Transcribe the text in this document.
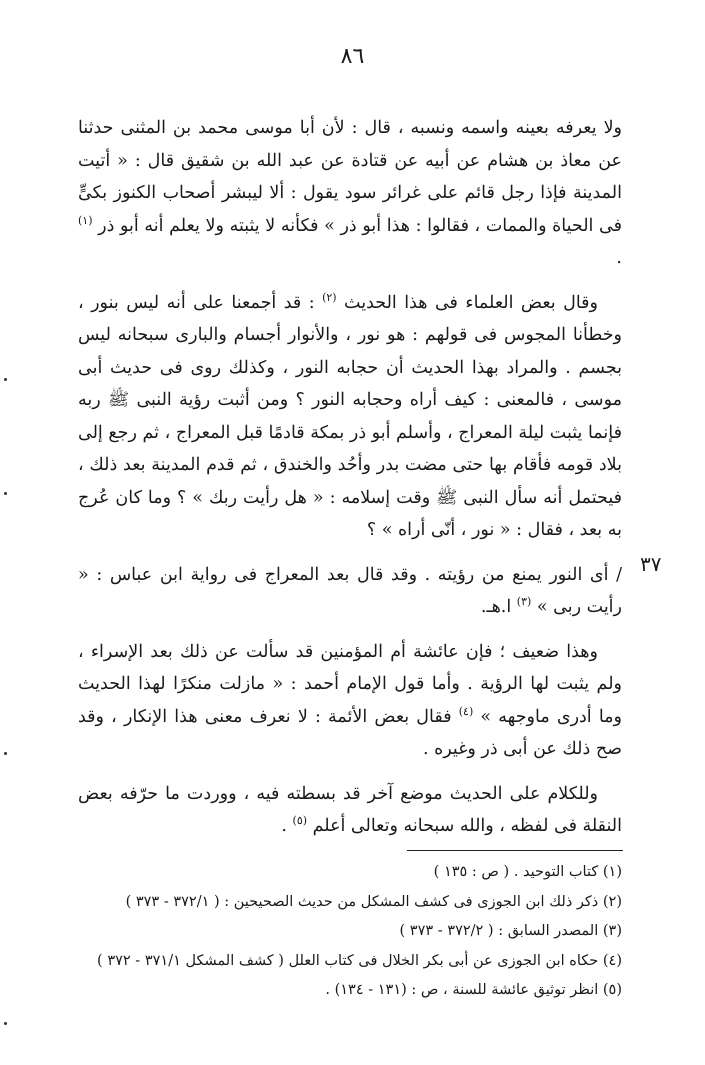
٨٦

ولا يعرفه بعينه واسمه ونسبه ، قال : لأن أبا موسى محمد بن المثنى حدثنا عن معاذ بن هشام عن أبيه عن قتادة عن عبد الله بن شقيق قال : « أتيت المدينة فإذا رجل قائم على غرائر سود يقول : ألا ليبشر أصحاب الكنوز بكىٍّ فى الحياة والممات ، فقالوا : هذا أبو ذر » فكأنه لا يثبته ولا يعلم أنه أبو ذر $^{(١)}$ .

وقال بعض العلماء فى هذا الحديث $^{(٢)}$ : قد أجمعنا على أنه ليس بنور ، وخطأنا المجوس فى قولهم : هو نور ، والأنوار أجسام والبارى سبحانه ليس بجسم . والمراد بهذا الحديث أن حجابه النور ، وكذلك روى فى حديث أبى موسى ، فالمعنى : كيف أراه وحجابه النور ؟ ومن أثبت رؤية النبى ﷺ ربه فإنما يثبت ليلة المعراج ، وأسلم أبو ذر بمكة قادمًا قبل المعراج ، ثم رجع إلى بلاد قومه فأقام بها حتى مضت بدر وأحُد والخندق ، ثم قدم المدينة بعد ذلك ، فيحتمل أنه سأل النبى ﷺ وقت إسلامه : « هل رأيت ربك » ؟ وما كان عُرج به بعد ، فقال : « نور ، أنّى أراه » ؟

/ أى النور يمنع من رؤيته . وقد قال بعد المعراج فى رواية ابن عباس : « رأيت ربى » $^{(٣)}$ ا.هـ.

وهذا ضعيف ؛ فإن عائشة أم المؤمنين قد سألت عن ذلك بعد الإسراء ، ولم يثبت لها الرؤية . وأما قول الإمام أحمد : « مازلت منكرًا لهذا الحديث وما أدرى ماوجهه » $^{(٤)}$ فقال بعض الأئمة : لا نعرف معنى هذا الإنكار ، وقد صح ذلك عن أبى ذر وغيره .

وللكلام على الحديث موضع آخر قد بسطته فيه ، ووردت ما حرّفه بعض النقلة فى لفظه ، والله سبحانه وتعالى أعلم $^{(٥)}$ .

٣٧

(١) كتاب التوحيد . ( ص : ١٣٥ )

(٢) ذكر ذلك ابن الجوزى فى كشف المشكل من حديث الصحيحين : ( ٣٧٢/١ - ٣٧٣ )

(٣) المصدر السابق : ( ٣٧٢/٢ - ٣٧٣ )

(٤) حكاه ابن الجوزى عن أبى بكر الخلال فى كتاب العلل ( كشف المشكل ٣٧١/١ - ٣٧٢ )

(٥) انظر توثيق عائشة للسنة ، ص : (١٣١ - ١٣٤) .
